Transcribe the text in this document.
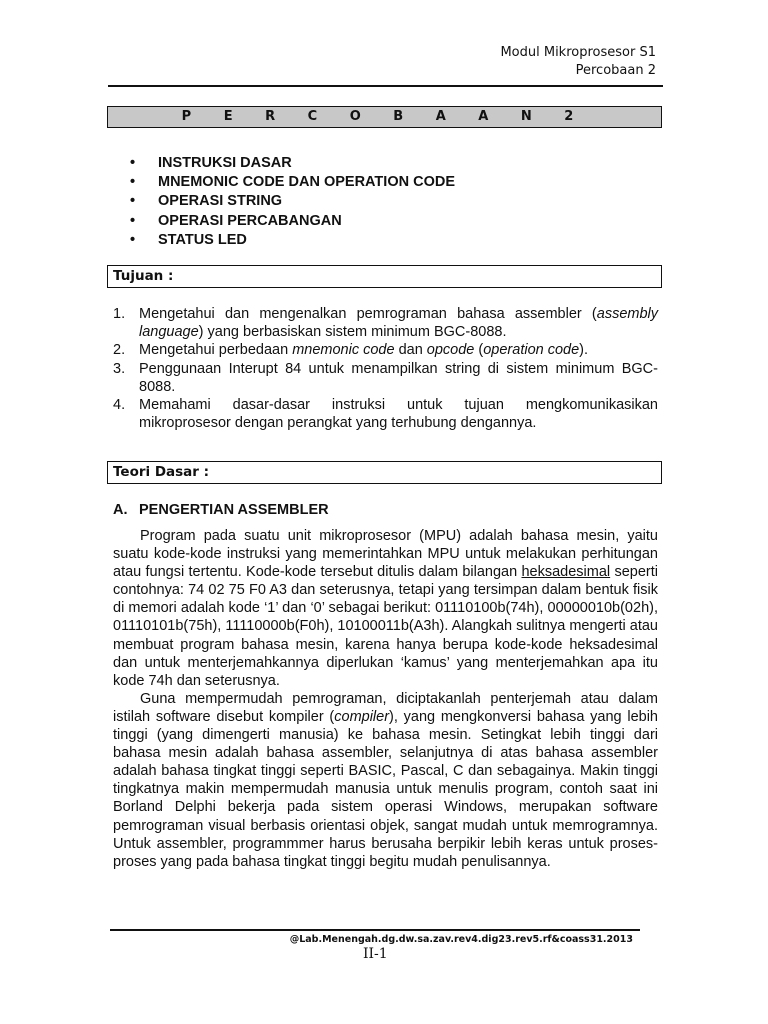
Modul Mikroprosesor S1
Percobaan 2
P E R C O B A A N 2
• INSTRUKSI DASAR
• MNEMONIC CODE DAN OPERATION CODE
• OPERASI STRING
• OPERASI PERCABANGAN
• STATUS LED
Tujuan :
1. Mengetahui dan mengenalkan pemrograman bahasa assembler (assembly language) yang berbasiskan sistem minimum BGC-8088.
2. Mengetahui perbedaan mnemonic code dan opcode (operation code).
3. Penggunaan Interupt 84 untuk menampilkan string di sistem minimum BGC-8088.
4. Memahami dasar-dasar instruksi untuk tujuan mengkomunikasikan mikroprosesor dengan perangkat yang terhubung dengannya.
Teori Dasar :
A. PENGERTIAN ASSEMBLER

Program pada suatu unit mikroprosesor (MPU) adalah bahasa mesin, yaitu suatu kode-kode instruksi yang memerintahkan MPU untuk melakukan perhitungan atau fungsi tertentu. Kode-kode tersebut ditulis dalam bilangan heksadesimal seperti contohnya: 74 02 75 F0 A3 dan seterusnya, tetapi yang tersimpan dalam bentuk fisik di memori adalah kode ‘1’ dan ‘0’ sebagai berikut: 01110100b(74h), 00000010b(02h), 01110101b(75h), 11110000b(F0h), 10100011b(A3h). Alangkah sulitnya mengerti atau membuat program bahasa mesin, karena hanya berupa kode-kode heksadesimal dan untuk menterjemahkannya diperlukan ‘kamus’ yang menterjemahkan apa itu kode 74h dan seterusnya.

Guna mempermudah pemrograman, diciptakanlah penterjemah atau dalam istilah software disebut kompiler (compiler), yang mengkonversi bahasa yang lebih tinggi (yang dimengerti manusia) ke bahasa mesin. Setingkat lebih tinggi dari bahasa mesin adalah bahasa assembler, selanjutnya di atas bahasa assembler adalah bahasa tingkat tinggi seperti BASIC, Pascal, C dan sebagainya. Makin tinggi tingkatnya makin mempermudah manusia untuk menulis program, contoh saat ini Borland Delphi bekerja pada sistem operasi Windows, merupakan software pemrograman visual berbasis orientasi objek, sangat mudah untuk memrogramnya. Untuk assembler, programmmer harus berusaha berpikir lebih keras untuk proses-proses yang pada bahasa tingkat tinggi begitu mudah penulisannya.

@Lab.Menengah.dg.dw.sa.zav.rev4.dig23.rev5.rf&coass31.2013
II-1
